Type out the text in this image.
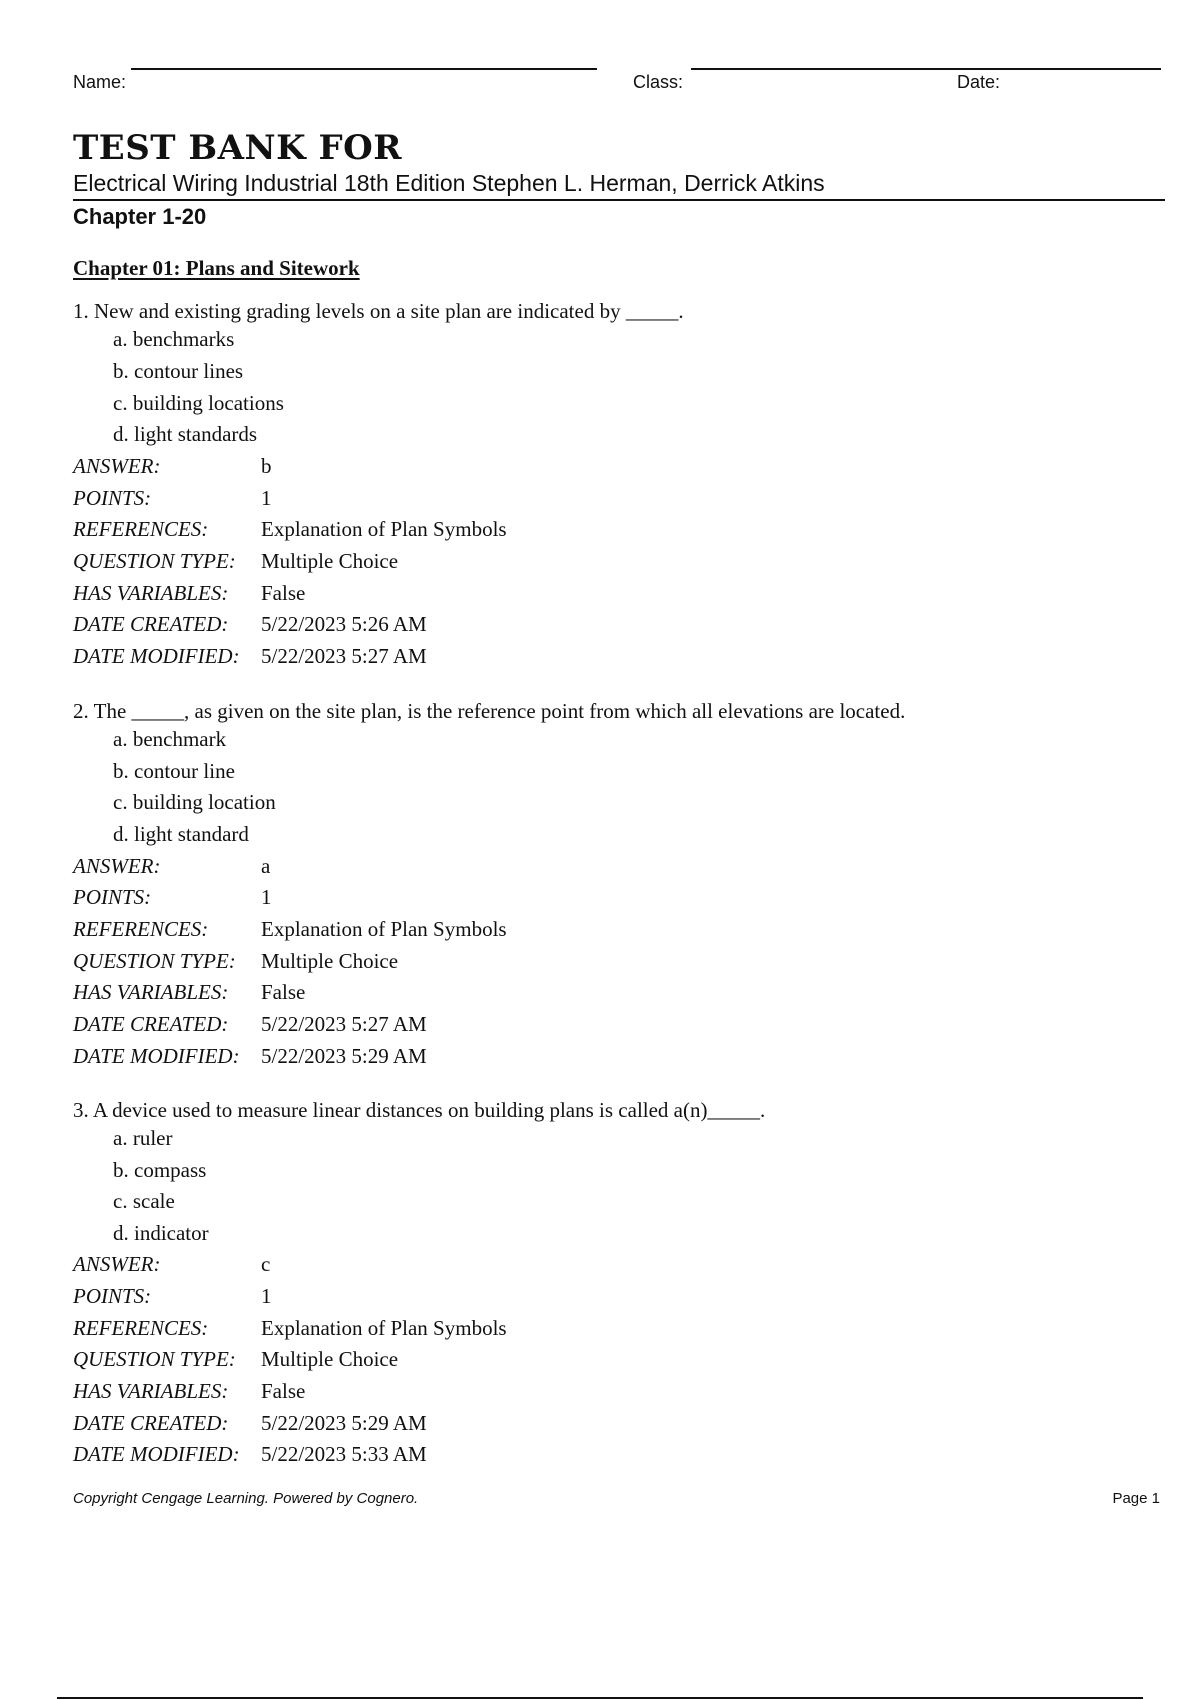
Name:	Class:	Date:
TEST BANK FOR
Electrical Wiring Industrial 18th Edition Stephen L. Herman, Derrick Atkins
Chapter 1-20
Chapter 01: Plans and Sitework
1. New and existing grading levels on a site plan are indicated by _____.
a. benchmarks
b. contour lines
c. building locations
d. light standards
ANSWER:	b
POINTS:	1
REFERENCES:	Explanation of Plan Symbols
QUESTION TYPE: Multiple Choice
HAS VARIABLES: False
DATE CREATED: 5/22/2023 5:26 AM
DATE MODIFIED: 5/22/2023 5:27 AM
2. The _____, as given on the site plan, is the reference point from which all elevations are located.
a. benchmark
b. contour line
c. building location
d. light standard
ANSWER:	a
POINTS:	1
REFERENCES:	Explanation of Plan Symbols
QUESTION TYPE: Multiple Choice
HAS VARIABLES: False
DATE CREATED: 5/22/2023 5:27 AM
DATE MODIFIED: 5/22/2023 5:29 AM
3. A device used to measure linear distances on building plans is called a(n)_____.
a. ruler
b. compass
c. scale
d. indicator
ANSWER:	c
POINTS:	1
REFERENCES:	Explanation of Plan Symbols
QUESTION TYPE: Multiple Choice
HAS VARIABLES: False
DATE CREATED: 5/22/2023 5:29 AM
DATE MODIFIED: 5/22/2023 5:33 AM
Copyright Cengage Learning. Powered by Cognero.	Page 1
